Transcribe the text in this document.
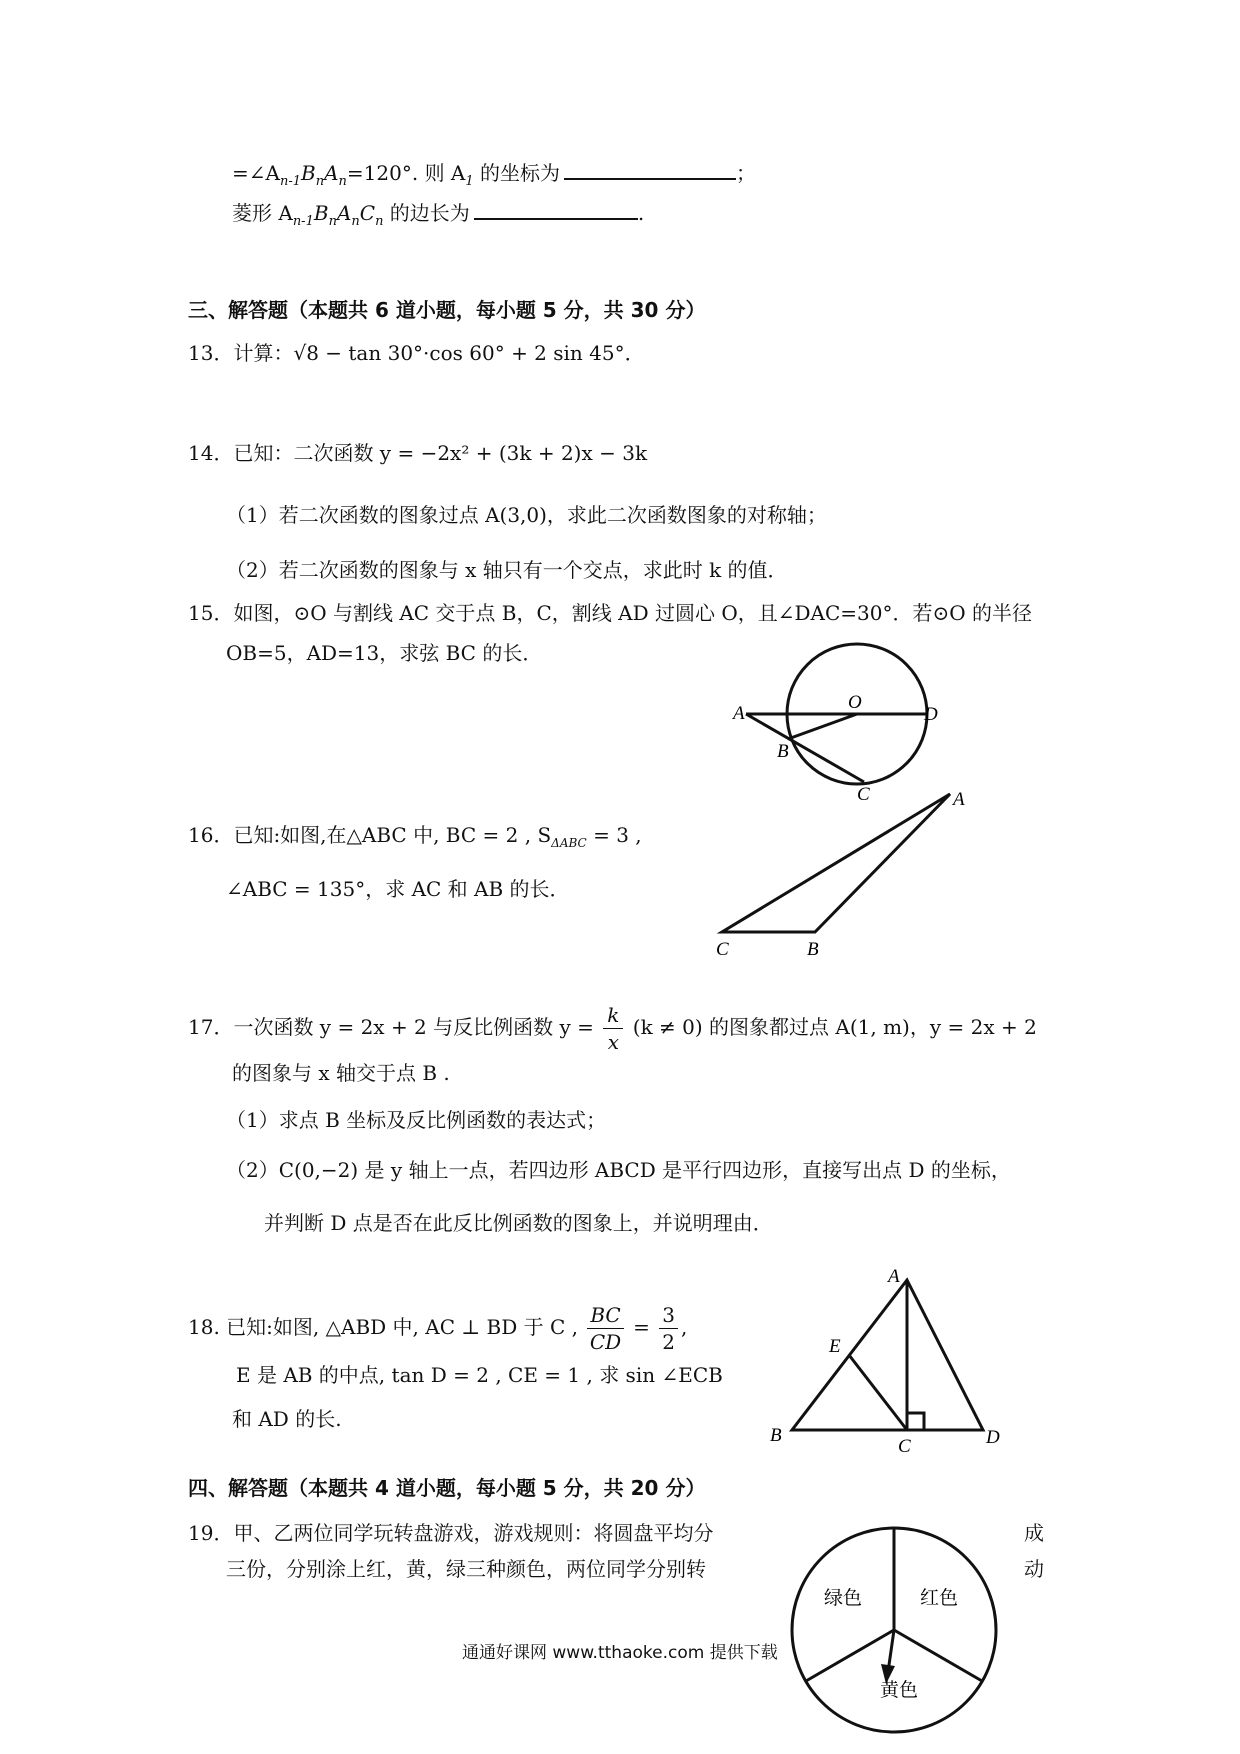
$=\angle A_{n-1}B_nA_n=120^\circ$. 则 $A_1$ 的坐标为	；
菱形 $A_{n-1}B_nA_nC_n$ 的边长为	.
三、解答题（本题共 6 道小题，每小题 5 分，共 30 分）
13．计算：√8 − tan 30°·cos 60° + 2 sin 45°．
14．已知：二次函数 y = −2x² + (3k + 2)x − 3k
（1）若二次函数的图象过点 A(3,0)，求此二次函数图象的对称轴；
（2）若二次函数的图象与 x 轴只有一个交点，求此时 k 的值．
15．如图，⊙O 与割线 AC 交于点 B，C，割线 AD 过圆心 O，且∠DAC=30°．若⊙O 的半径
OB=5，AD=13，求弦 BC 的长．
16．已知:如图,在△ABC 中, BC = 2 , $S_{\Delta ABC} = 3$ ,
∠ABC = 135°，求 AC 和 AB 的长．
17．一次函数 y = 2x + 2 与反比例函数 $y = \frac{k}{x} (k \ne 0)$ 的图象都过点 A(1, m)，y = 2x + 2
的图象与 x 轴交于点 B .
（1）求点 B 坐标及反比例函数的表达式；
（2）C(0,−2) 是 y 轴上一点，若四边形 ABCD 是平行四边形，直接写出点 D 的坐标，
并判断 D 点是否在此反比例函数的图象上，并说明理由．
18. 已知:如图, △ABD 中, AC ⊥ BD 于 C , $\frac{BC}{CD} = \frac{3}{2}$ ,
E 是 AB 的中点, tan D = 2 , CE = 1 , 求 sin ∠ECB
和 AD 的长.
四、解答题（本题共 4 道小题，每小题 5 分，共 20 分）
19．甲、乙两位同学玩转盘游戏，游戏规则：将圆盘平均分	成
三份，分别涂上红，黄，绿三种颜色，两位同学分别转	动
通通好课网 www.tthaoke.com 提供下载
A
O
D
B
C	A
C	B
A
E
B
C	D
绿色	红色
黄色
